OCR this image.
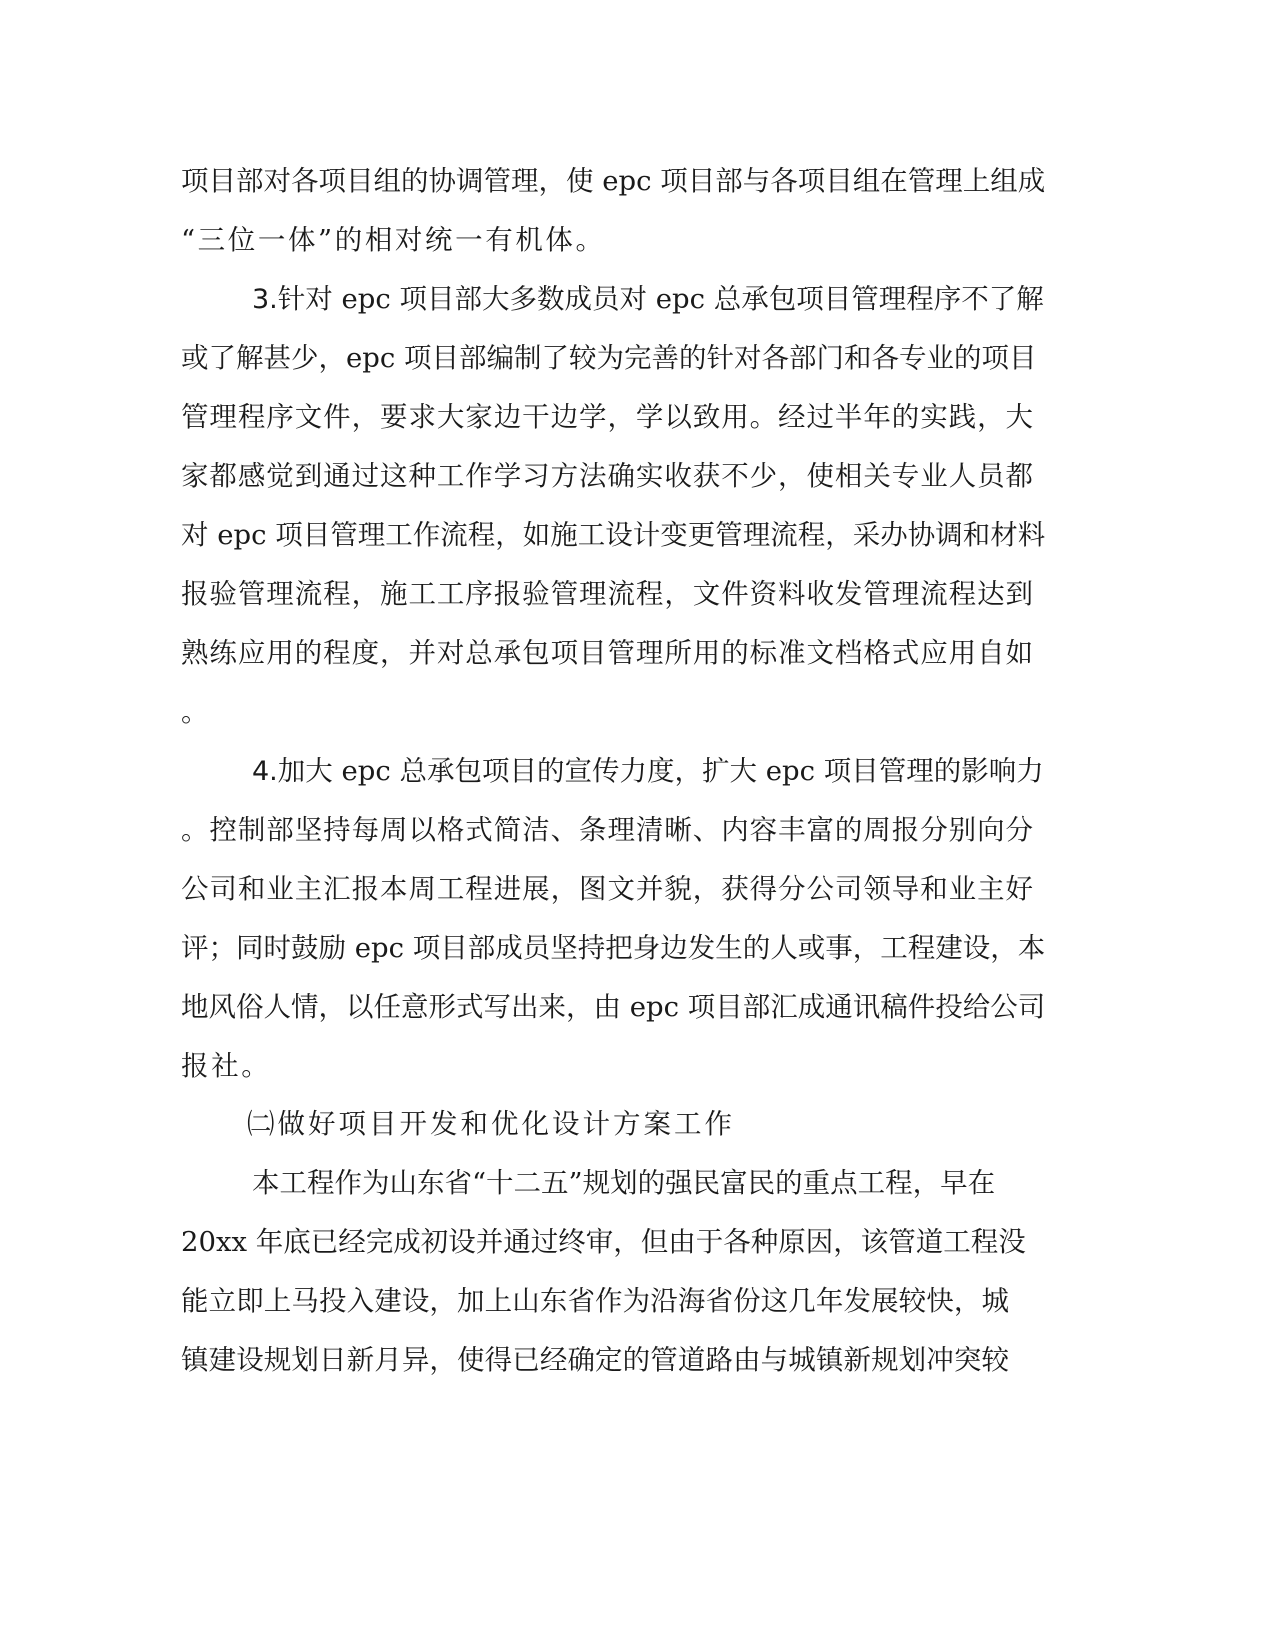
项目部对各项目组的协调管理，使 epc 项目部与各项目组在管理上组成
“三位一体”的相对统一有机体。
3.针对 epc 项目部大多数成员对 epc 总承包项目管理程序不了解
或了解甚少，epc 项目部编制了较为完善的针对各部门和各专业的项目
管理程序文件，要求大家边干边学，学以致用。经过半年的实践，大
家都感觉到通过这种工作学习方法确实收获不少，使相关专业人员都
对 epc 项目管理工作流程，如施工设计变更管理流程，采办协调和材料
报验管理流程，施工工序报验管理流程，文件资料收发管理流程达到
熟练应用的程度，并对总承包项目管理所用的标准文档格式应用自如
。
4.加大 epc 总承包项目的宣传力度，扩大 epc 项目管理的影响力
。控制部坚持每周以格式简洁、条理清晰、内容丰富的周报分别向分
公司和业主汇报本周工程进展，图文并貌，获得分公司领导和业主好
评；同时鼓励 epc 项目部成员坚持把身边发生的人或事，工程建设，本
地风俗人情，以任意形式写出来，由 epc 项目部汇成通讯稿件投给公司
报社。
㈡做好项目开发和优化设计方案工作
本工程作为山东省“十二五”规划的强民富民的重点工程，早在
20xx 年底已经完成初设并通过终审，但由于各种原因，该管道工程没
能立即上马投入建设，加上山东省作为沿海省份这几年发展较快，城
镇建设规划日新月异，使得已经确定的管道路由与城镇新规划冲突较
